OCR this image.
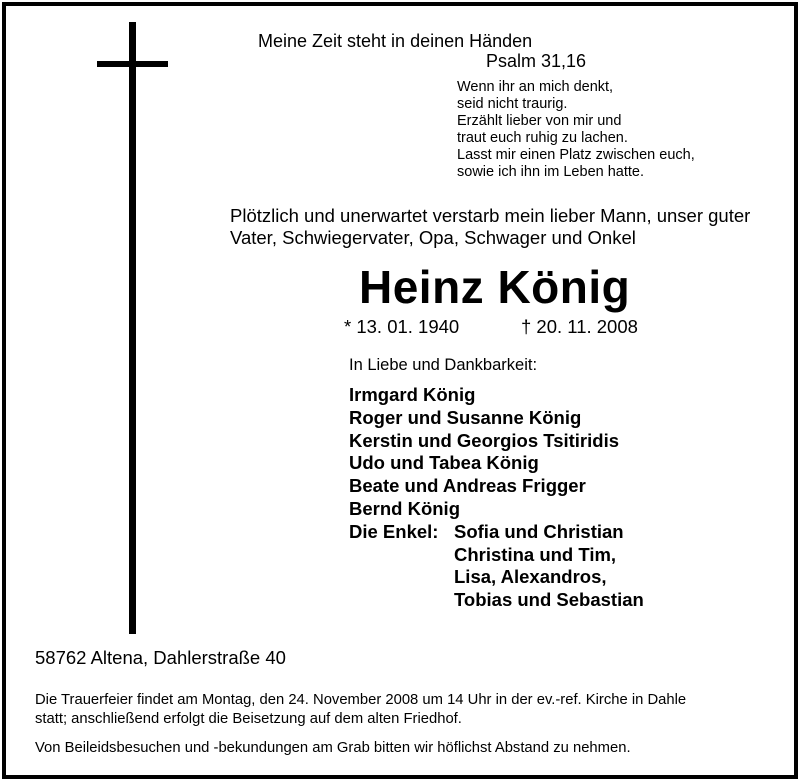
Meine Zeit steht in deinen Händen
Psalm 31,16
Wenn ihr an mich denkt,
seid nicht traurig.
Erzählt lieber von mir und
traut euch ruhig zu lachen.
Lasst mir einen Platz zwischen euch,
sowie ich ihn im Leben hatte.
Plötzlich und unerwartet verstarb mein lieber Mann, unser guter
Vater, Schwiegervater, Opa, Schwager und Onkel
Heinz König
* 13. 01. 1940	† 20. 11. 2008
In Liebe und Dankbarkeit:
Irmgard König
Roger und Susanne König
Kerstin und Georgios Tsitiridis
Udo und Tabea König
Beate und Andreas Frigger
Bernd König
Die Enkel: Sofia und Christian
Christina und Tim,
Lisa, Alexandros,
Tobias und Sebastian
58762 Altena, Dahlerstraße 40
Die Trauerfeier findet am Montag, den 24. November 2008 um 14 Uhr in der ev.-ref. Kirche in Dahle
statt; anschließend erfolgt die Beisetzung auf dem alten Friedhof.
Von Beileidsbesuchen und -bekundungen am Grab bitten wir höflichst Abstand zu nehmen.
